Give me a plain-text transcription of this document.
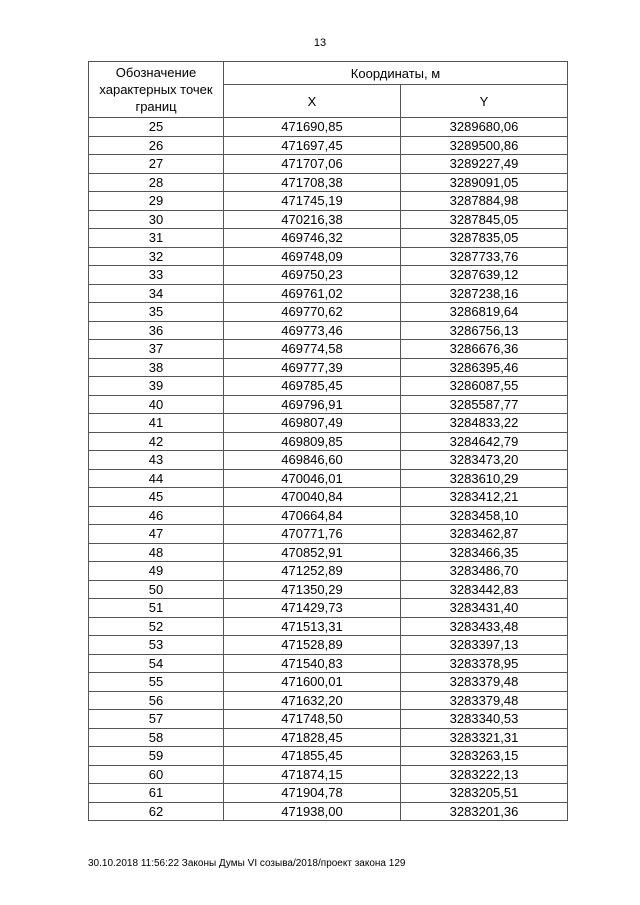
13
Обозначение характерных точек границ	Координаты, м	
	X	Y
25	471690,85	3289680,06
26	471697,45	3289500,86
27	471707,06	3289227,49
28	471708,38	3289091,05
29	471745,19	3287884,98
30	470216,38	3287845,05
31	469746,32	3287835,05
32	469748,09	3287733,76
33	469750,23	3287639,12
34	469761,02	3287238,16
35	469770,62	3286819,64
36	469773,46	3286756,13
37	469774,58	3286676,36
38	469777,39	3286395,46
39	469785,45	3286087,55
40	469796,91	3285587,77
41	469807,49	3284833,22
42	469809,85	3284642,79
43	469846,60	3283473,20
44	470046,01	3283610,29
45	470040,84	3283412,21
46	470664,84	3283458,10
47	470771,76	3283462,87
48	470852,91	3283466,35
49	471252,89	3283486,70
50	471350,29	3283442,83
51	471429,73	3283431,40
52	471513,31	3283433,48
53	471528,89	3283397,13
54	471540,83	3283378,95
55	471600,01	3283379,48
56	471632,20	3283379,48
57	471748,50	3283340,53
58	471828,45	3283321,31
59	471855,45	3283263,15
60	471874,15	3283222,13
61	471904,78	3283205,51
62	471938,00	3283201,36
30.10.2018 11:56:22 Законы Думы VI созыва/2018/проект закона 129
